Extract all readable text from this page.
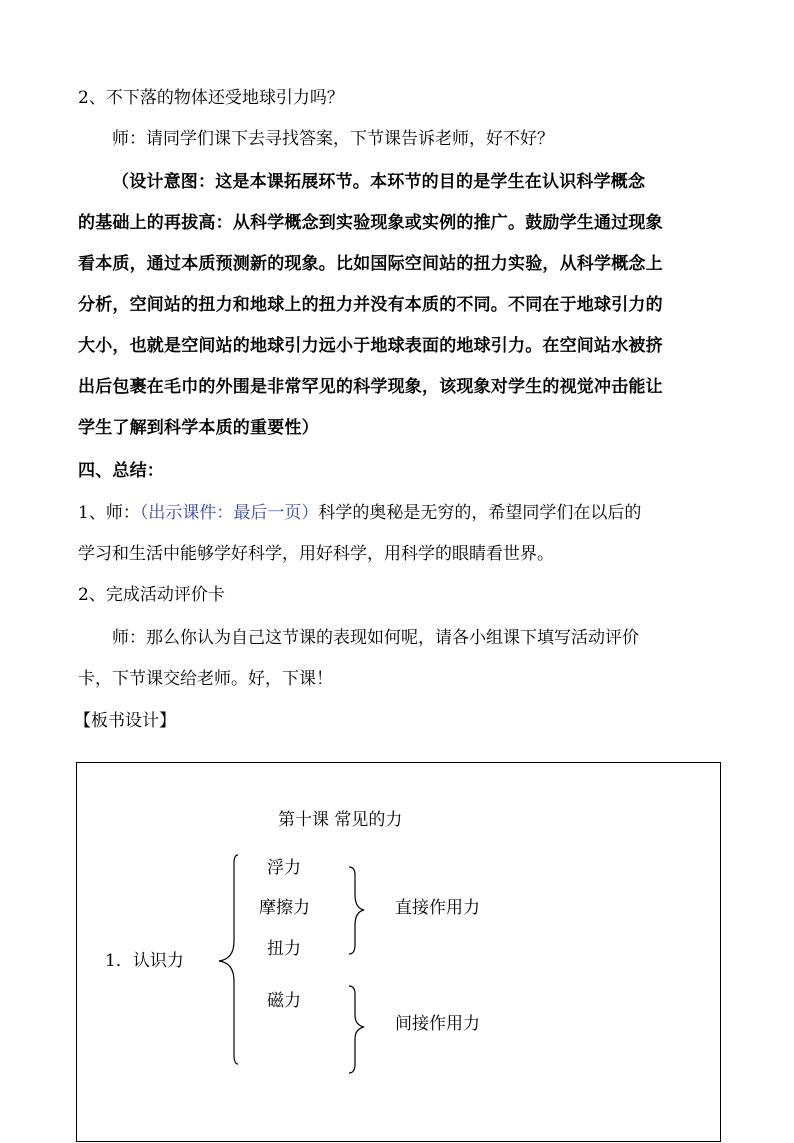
2、不下落的物体还受地球引力吗？
师：请同学们课下去寻找答案，下节课告诉老师，好不好？
（设计意图：这是本课拓展环节。本环节的目的是学生在认识科学概念
的基础上的再拔高：从科学概念到实验现象或实例的推广。鼓励学生通过现象
看本质，通过本质预测新的现象。比如国际空间站的扭力实验，从科学概念上
分析，空间站的扭力和地球上的扭力并没有本质的不同。不同在于地球引力的
大小，也就是空间站的地球引力远小于地球表面的地球引力。在空间站水被挤
出后包裹在毛巾的外围是非常罕见的科学现象，该现象对学生的视觉冲击能让
学生了解到科学本质的重要性）
四、总结：
1、师：（出示课件：最后一页）科学的奥秘是无穷的，希望同学们在以后的
学习和生活中能够学好科学，用好科学，用科学的眼睛看世界。
2、完成活动评价卡
师：那么你认为自己这节课的表现如何呢，请各小组课下填写活动评价
卡，下节课交给老师。好，下课！
【板书设计】
第十课 常见的力
浮力
摩擦力
扭力
磁力
直接作用力
间接作用力
1．认识力
